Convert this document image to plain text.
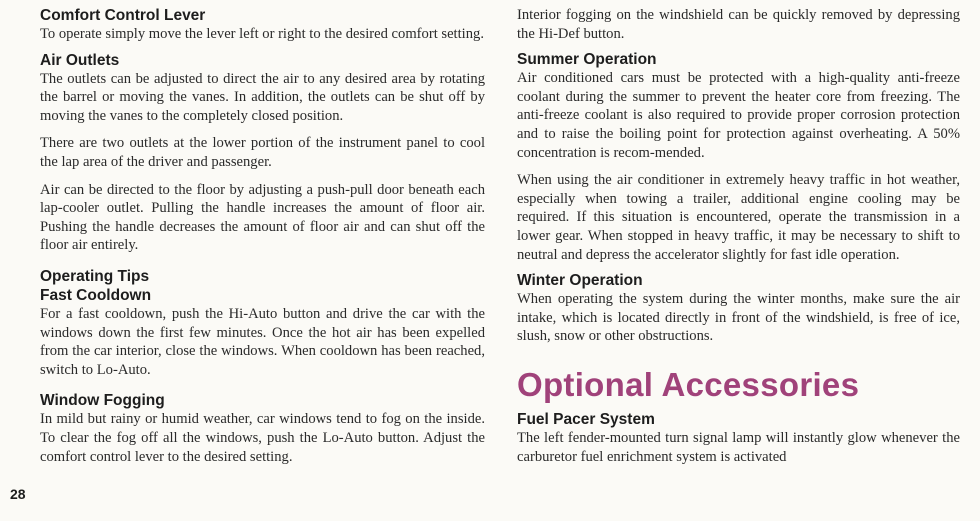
Comfort Control Lever

To operate simply move the lever left or right to the desired comfort setting.

Air Outlets

The outlets can be adjusted to direct the air to any desired area by rotating the barrel or moving the vanes. In addition, the outlets can be shut off by moving the vanes to the completely closed position.

There are two outlets at the lower portion of the instrument panel to cool the lap area of the driver and passenger.

Air can be directed to the floor by adjusting a push-pull door beneath each lap-cooler outlet. Pulling the handle increases the amount of floor air. Pushing the handle decreases the amount of floor air and can shut off the floor air entirely.

Operating Tips
Fast Cooldown

For a fast cooldown, push the Hi-Auto button and drive the car with the windows down the first few minutes. Once the hot air has been expelled from the car interior, close the windows. When cooldown has been reached, switch to Lo-Auto.

Window Fogging

In mild but rainy or humid weather, car windows tend to fog on the inside. To clear the fog off all the windows, push the Lo-Auto button. Adjust the comfort control lever to the desired setting.

28

Interior fogging on the windshield can be quickly removed by depressing the Hi-Def button.

Summer Operation

Air conditioned cars must be protected with a high-quality anti-freeze coolant during the summer to prevent the heater core from freezing. The anti-freeze coolant is also required to provide proper corrosion protection and to raise the boiling point for protection against overheating. A 50% concentration is recom-mended.

When using the air conditioner in extremely heavy traffic in hot weather, especially when towing a trailer, additional engine cooling may be required. If this situation is encountered, operate the transmission in a lower gear. When stopped in heavy traffic, it may be necessary to shift to neutral and depress the accelerator slightly for fast idle operation.

Winter Operation

When operating the system during the winter months, make sure the air intake, which is located directly in front of the windshield, is free of ice, slush, snow or other obstructions.

Optional Accessories
Fuel Pacer System

The left fender-mounted turn signal lamp will instantly glow whenever the carburetor fuel enrichment system is activated
